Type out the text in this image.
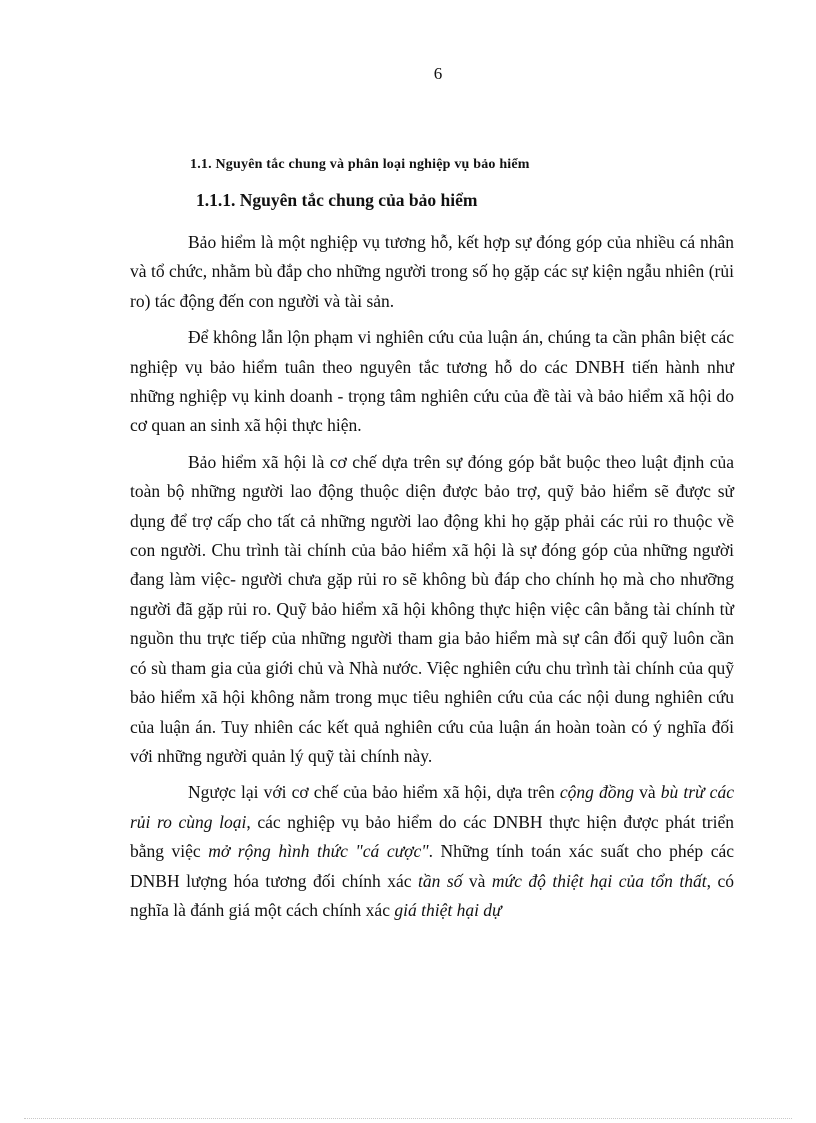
6
1.1. Nguyên tắc chung và phân loại nghiệp vụ bảo hiểm
1.1.1. Nguyên tắc chung của bảo hiểm

Bảo hiểm là một nghiệp vụ tương hỗ, kết hợp sự đóng góp của nhiều cá nhân và tổ chức, nhằm bù đắp cho những người trong số họ gặp các sự kiện ngẫu nhiên (rủi ro) tác động đến con người và tài sản.

Để không lẫn lộn phạm vi nghiên cứu của luận án, chúng ta cần phân biệt các nghiệp vụ bảo hiểm tuân theo nguyên tắc tương hỗ do các DNBH tiến hành như những nghiệp vụ kinh doanh - trọng tâm nghiên cứu của đề tài và bảo hiểm xã hội do cơ quan an sinh xã hội thực hiện.

Bảo hiểm xã hội là cơ chế dựa trên sự đóng góp bắt buộc theo luật định của toàn bộ những người lao động thuộc diện được bảo trợ, quỹ bảo hiểm sẽ được sử dụng để trợ cấp cho tất cả những người lao động khi họ gặp phải các rủi ro thuộc về con người. Chu trình tài chính của bảo hiểm xã hội là sự đóng góp của những người đang làm việc- người chưa gặp rủi ro sẽ không bù đáp cho chính họ mà cho nhưỡng người đã gặp rủi ro. Quỹ bảo hiểm xã hội không thực hiện việc cân bằng tài chính từ nguồn thu trực tiếp của những người tham gia bảo hiểm mà sự cân đối quỹ luôn cần có sù tham gia của giới chủ và Nhà nước. Việc nghiên cứu chu trình tài chính của quỹ bảo hiểm xã hội không nằm trong mục tiêu nghiên cứu của các nội dung nghiên cứu của luận án. Tuy nhiên các kết quả nghiên cứu của luận án hoàn toàn có ý nghĩa đối với những người quản lý quỹ tài chính này.

Ngược lại với cơ chế của bảo hiểm xã hội, dựa trên cộng đồng và bù trừ các rủi ro cùng loại, các nghiệp vụ bảo hiểm do các DNBH thực hiện được phát triển bằng việc mở rộng hình thức "cá cược". Những tính toán xác suất cho phép các DNBH lượng hóa tương đối chính xác tần số và mức độ thiệt hại của tổn thất, có nghĩa là đánh giá một cách chính xác giá thiệt hại dự
